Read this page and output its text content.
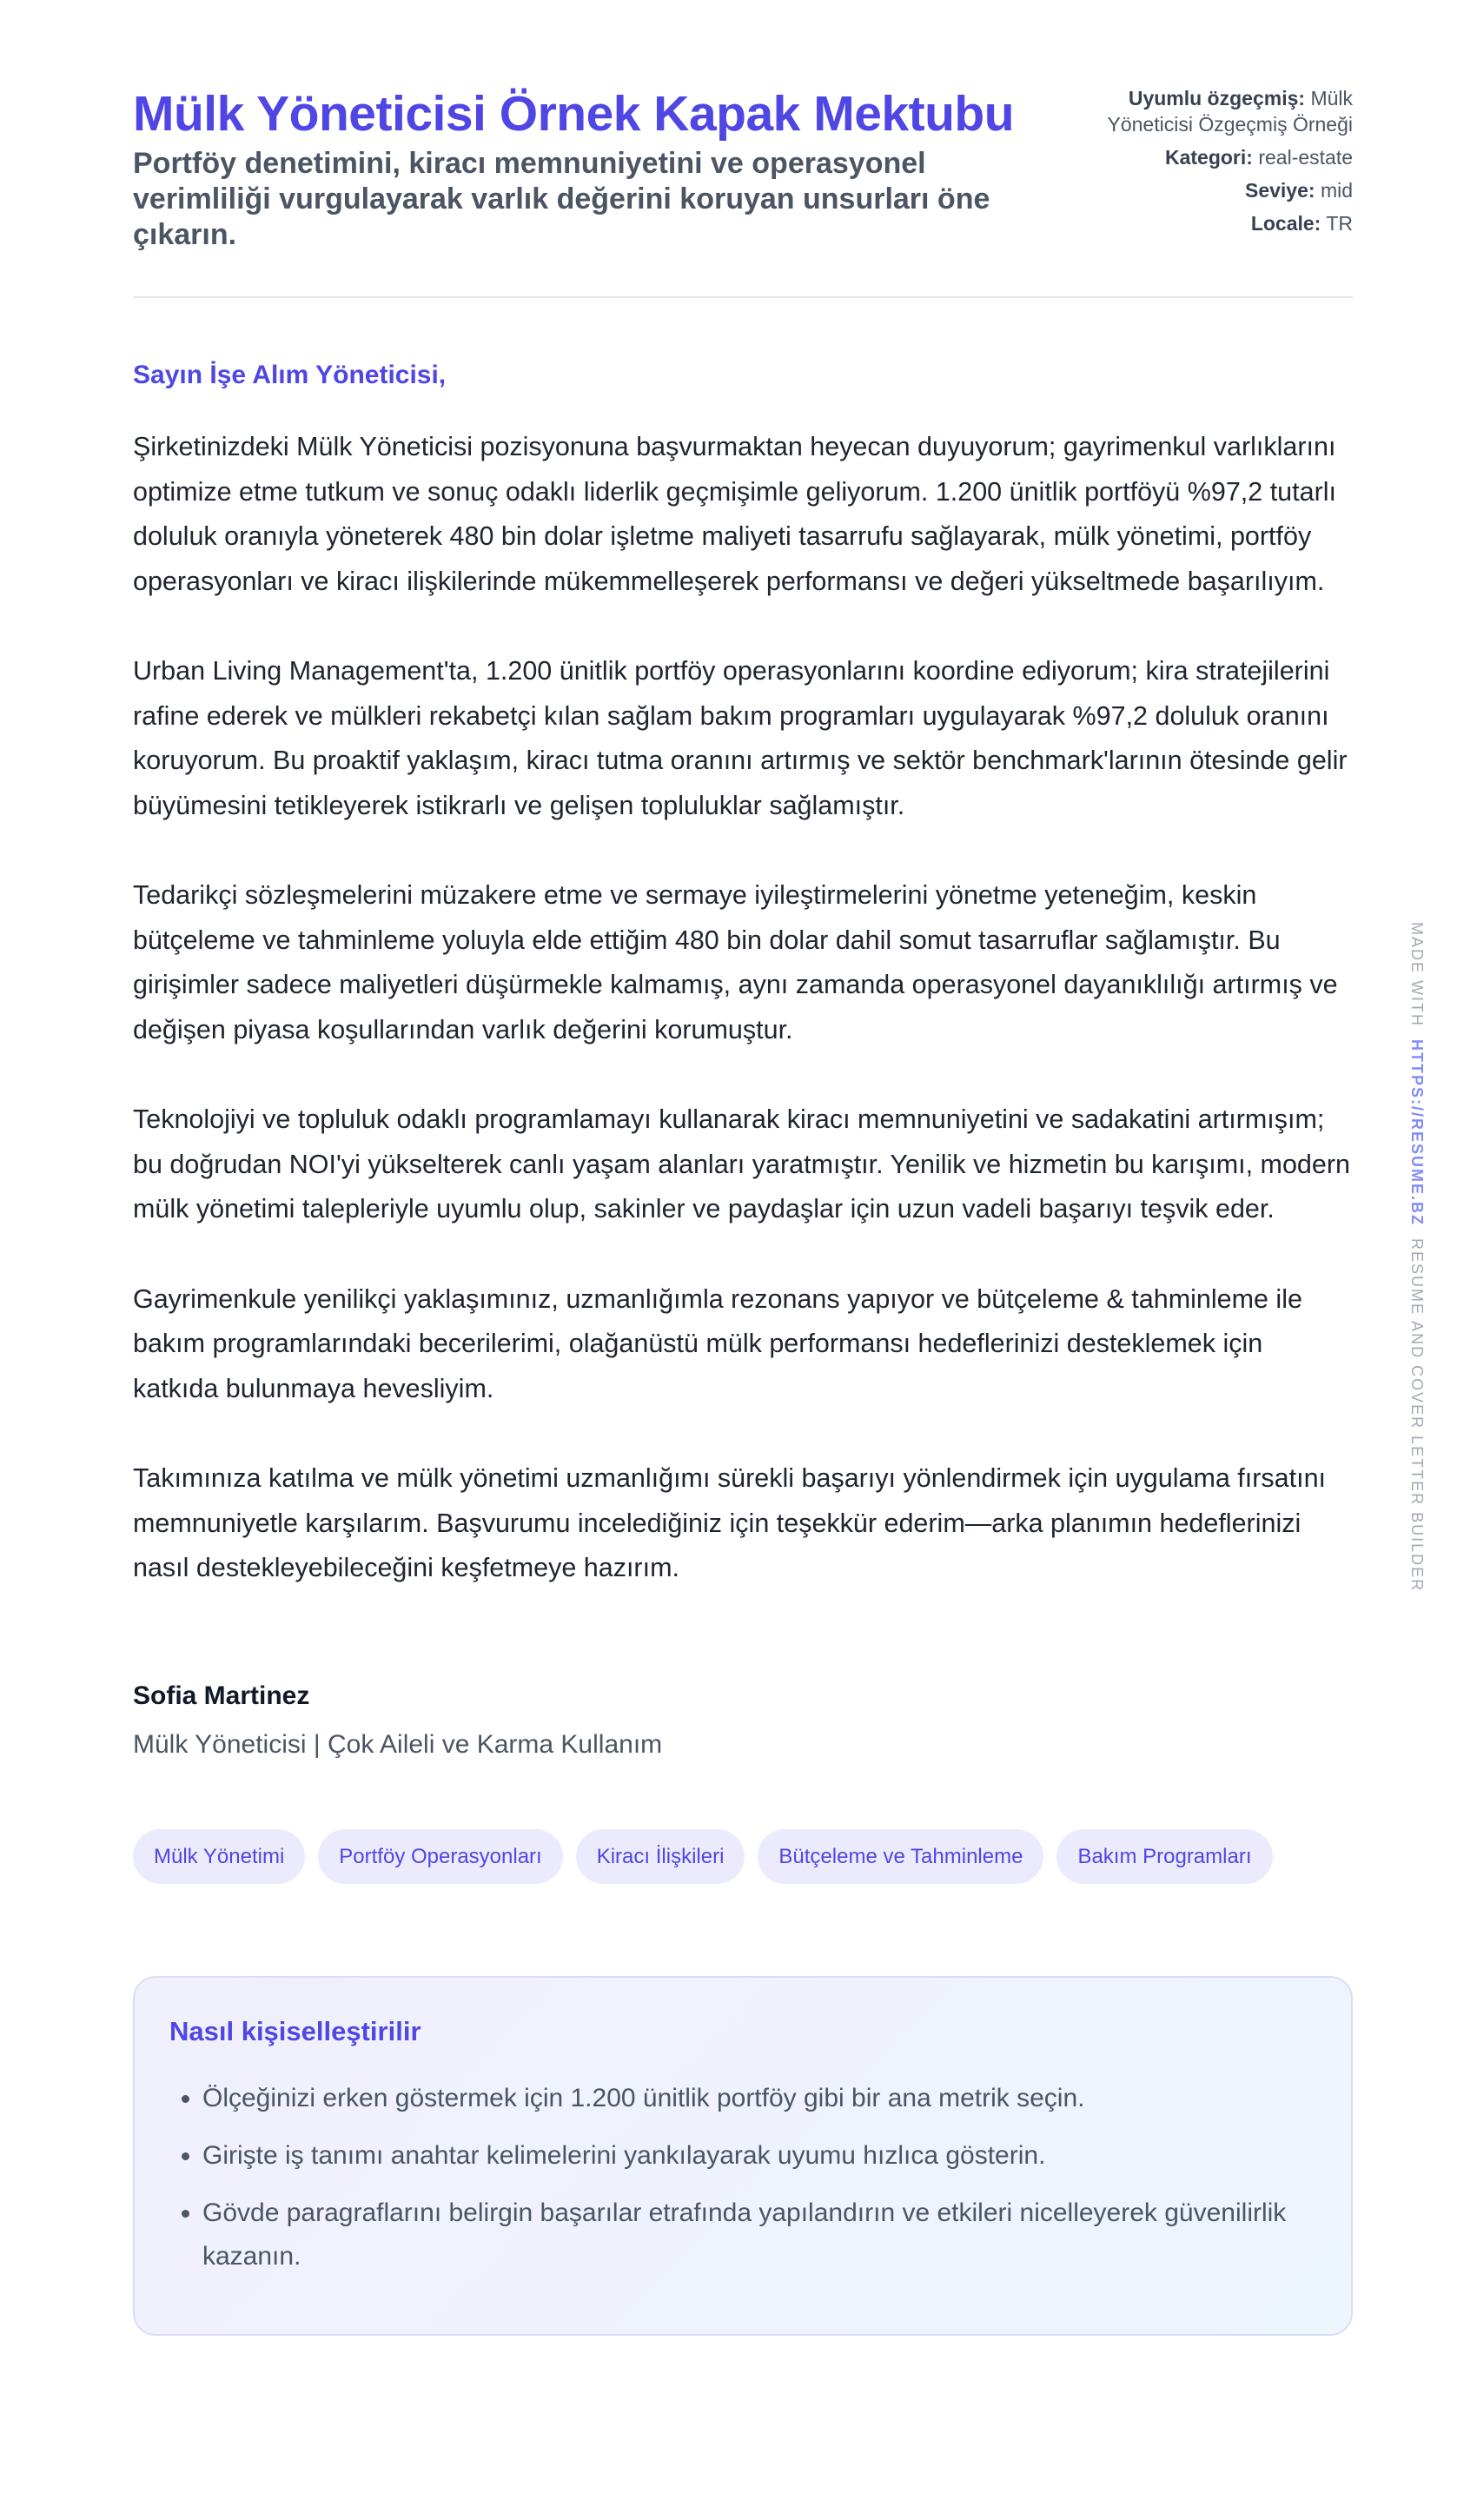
Mülk Yöneticisi Örnek Kapak Mektubu
Portföy denetimini, kiracı memnuniyetini ve operasyonel verimliliği vurgulayarak varlık değerini koruyan unsurları öne çıkarın.
Uyumlu özgeçmiş: Mülk Yöneticisi Özgeçmiş Örneği
Kategori: real-estate
Seviye: mid
Locale: TR
Sayın İşe Alım Yöneticisi,

Şirketinizdeki Mülk Yöneticisi pozisyonuna başvurmaktan heyecan duyuyorum; gayrimenkul varlıklarını optimize etme tutkum ve sonuç odaklı liderlik geçmişimle geliyorum. 1.200 ünitlik portföyü %97,2 tutarlı doluluk oranıyla yöneterek 480 bin dolar işletme maliyeti tasarrufu sağlayarak, mülk yönetimi, portföy operasyonları ve kiracı ilişkilerinde mükemmelleşerek performansı ve değeri yükseltmede başarılıyım.

Urban Living Management'ta, 1.200 ünitlik portföy operasyonlarını koordine ediyorum; kira stratejilerini rafine ederek ve mülkleri rekabetçi kılan sağlam bakım programları uygulayarak %97,2 doluluk oranını koruyorum. Bu proaktif yaklaşım, kiracı tutma oranını artırmış ve sektör benchmark'larının ötesinde gelir büyümesini tetikleyerek istikrarlı ve gelişen topluluklar sağlamıştır.

Tedarikçi sözleşmelerini müzakere etme ve sermaye iyileştirmelerini yönetme yeteneğim, keskin bütçeleme ve tahminleme yoluyla elde ettiğim 480 bin dolar dahil somut tasarruflar sağlamıştır. Bu girişimler sadece maliyetleri düşürmekle kalmamış, aynı zamanda operasyonel dayanıklılığı artırmış ve değişen piyasa koşullarından varlık değerini korumuştur.

Teknolojiyi ve topluluk odaklı programlamayı kullanarak kiracı memnuniyetini ve sadakatini artırmışım; bu doğrudan NOI'yi yükselterek canlı yaşam alanları yaratmıştır. Yenilik ve hizmetin bu karışımı, modern mülk yönetimi talepleriyle uyumlu olup, sakinler ve paydaşlar için uzun vadeli başarıyı teşvik eder.

Gayrimenkule yenilikçi yaklaşımınız, uzmanlığımla rezonans yapıyor ve bütçeleme & tahminleme ile bakım programlarındaki becerilerimi, olağanüstü mülk performansı hedeflerinizi desteklemek için katkıda bulunmaya hevesliyim.

Takımınıza katılma ve mülk yönetimi uzmanlığımı sürekli başarıyı yönlendirmek için uygulama fırsatını memnuniyetle karşılarım. Başvurumu incelediğiniz için teşekkür ederim—arka planımın hedeflerinizi nasıl destekleyebileceğini keşfetmeye hazırım.

Sofia Martinez
Mülk Yöneticisi | Çok Aileli ve Karma Kullanım
Mülk Yönetimi	Portföy Operasyonları	Kiracı İlişkileri	Bütçeleme ve Tahminleme	Bakım Programları
Nasıl kişiselleştirilir
• Ölçeğinizi erken göstermek için 1.200 ünitlik portföy gibi bir ana metrik seçin.
• Girişte iş tanımı anahtar kelimelerini yankılayarak uyumu hızlıca gösterin.
• Gövde paragraflarını belirgin başarılar etrafında yapılandırın ve etkileri nicelleyerek güvenilirlik kazanın.
MADE WITH  HTTPS://RESUME.BZ  RESUME AND COVER LETTER BUILDER
